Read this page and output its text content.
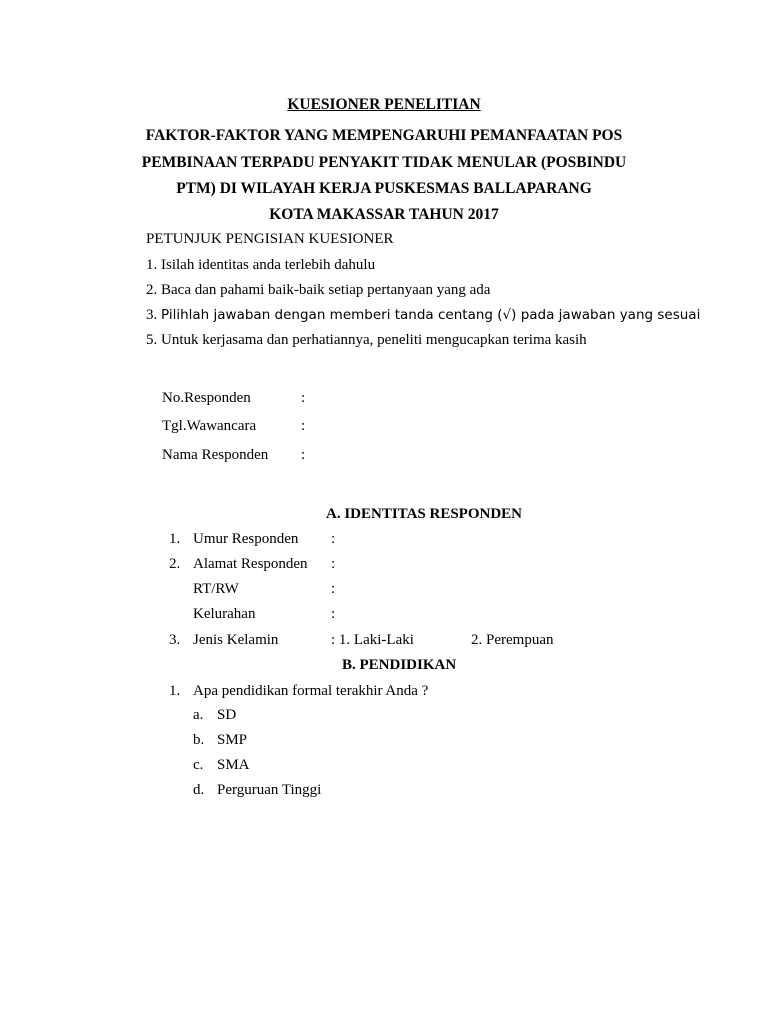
KUESIONER PENELITIAN
FAKTOR-FAKTOR YANG MEMPENGARUHI PEMANFAATAN POS
PEMBINAAN TERPADU PENYAKIT TIDAK MENULAR (POSBINDU
PTM) DI WILAYAH KERJA PUSKESMAS BALLAPARANG
KOTA MAKASSAR TAHUN 2017
PETUNJUK PENGISIAN KUESIONER
1. Isilah identitas anda terlebih dahulu
2. Baca dan pahami baik-baik setiap pertanyaan yang ada
3. Pilihlah jawaban dengan memberi tanda centang (√) pada jawaban yang sesuai
5. Untuk kerjasama dan perhatiannya, peneliti mengucapkan terima kasih
No.Responden	:
Tgl.Wawancara	:
Nama Responden :
A. IDENTITAS RESPONDEN
1. Umur Responden :
2. Alamat Responden :
RT/RW	:
Kelurahan	:
3. Jenis Kelamin	: 1. Laki-Laki	2. Perempuan
B. PENDIDIKAN
1. Apa pendidikan formal terakhir Anda ?
a. SD
b. SMP
c. SMA
d. Perguruan Tinggi
